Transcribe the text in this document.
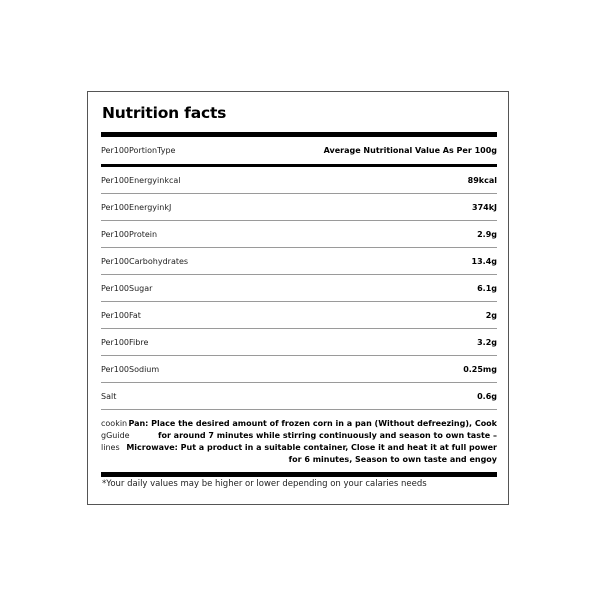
Nutrition facts
Per100PortionType	Average Nutritional Value As Per 100g
Per100Energyinkcal	89kcal
Per100EnergyinkJ	374kJ
Per100Protein	2.9g
Per100Carbohydrates	13.4g
Per100Sugar	6.1g
Per100Fat	2g
Per100Fibre	3.2g
Per100Sodium	0.25mg
Salt	0.6g
cookingGuidelines
Pan: Place the desired amount of frozen corn in a pan (Without defreezing), Cook for around 7 minutes while stirring continuously and season to own taste – Microwave: Put a product in a suitable container, Close it and heat it at full power for 6 minutes, Season to own taste and engoy
*Your daily values may be higher or lower depending on your calaries needs
